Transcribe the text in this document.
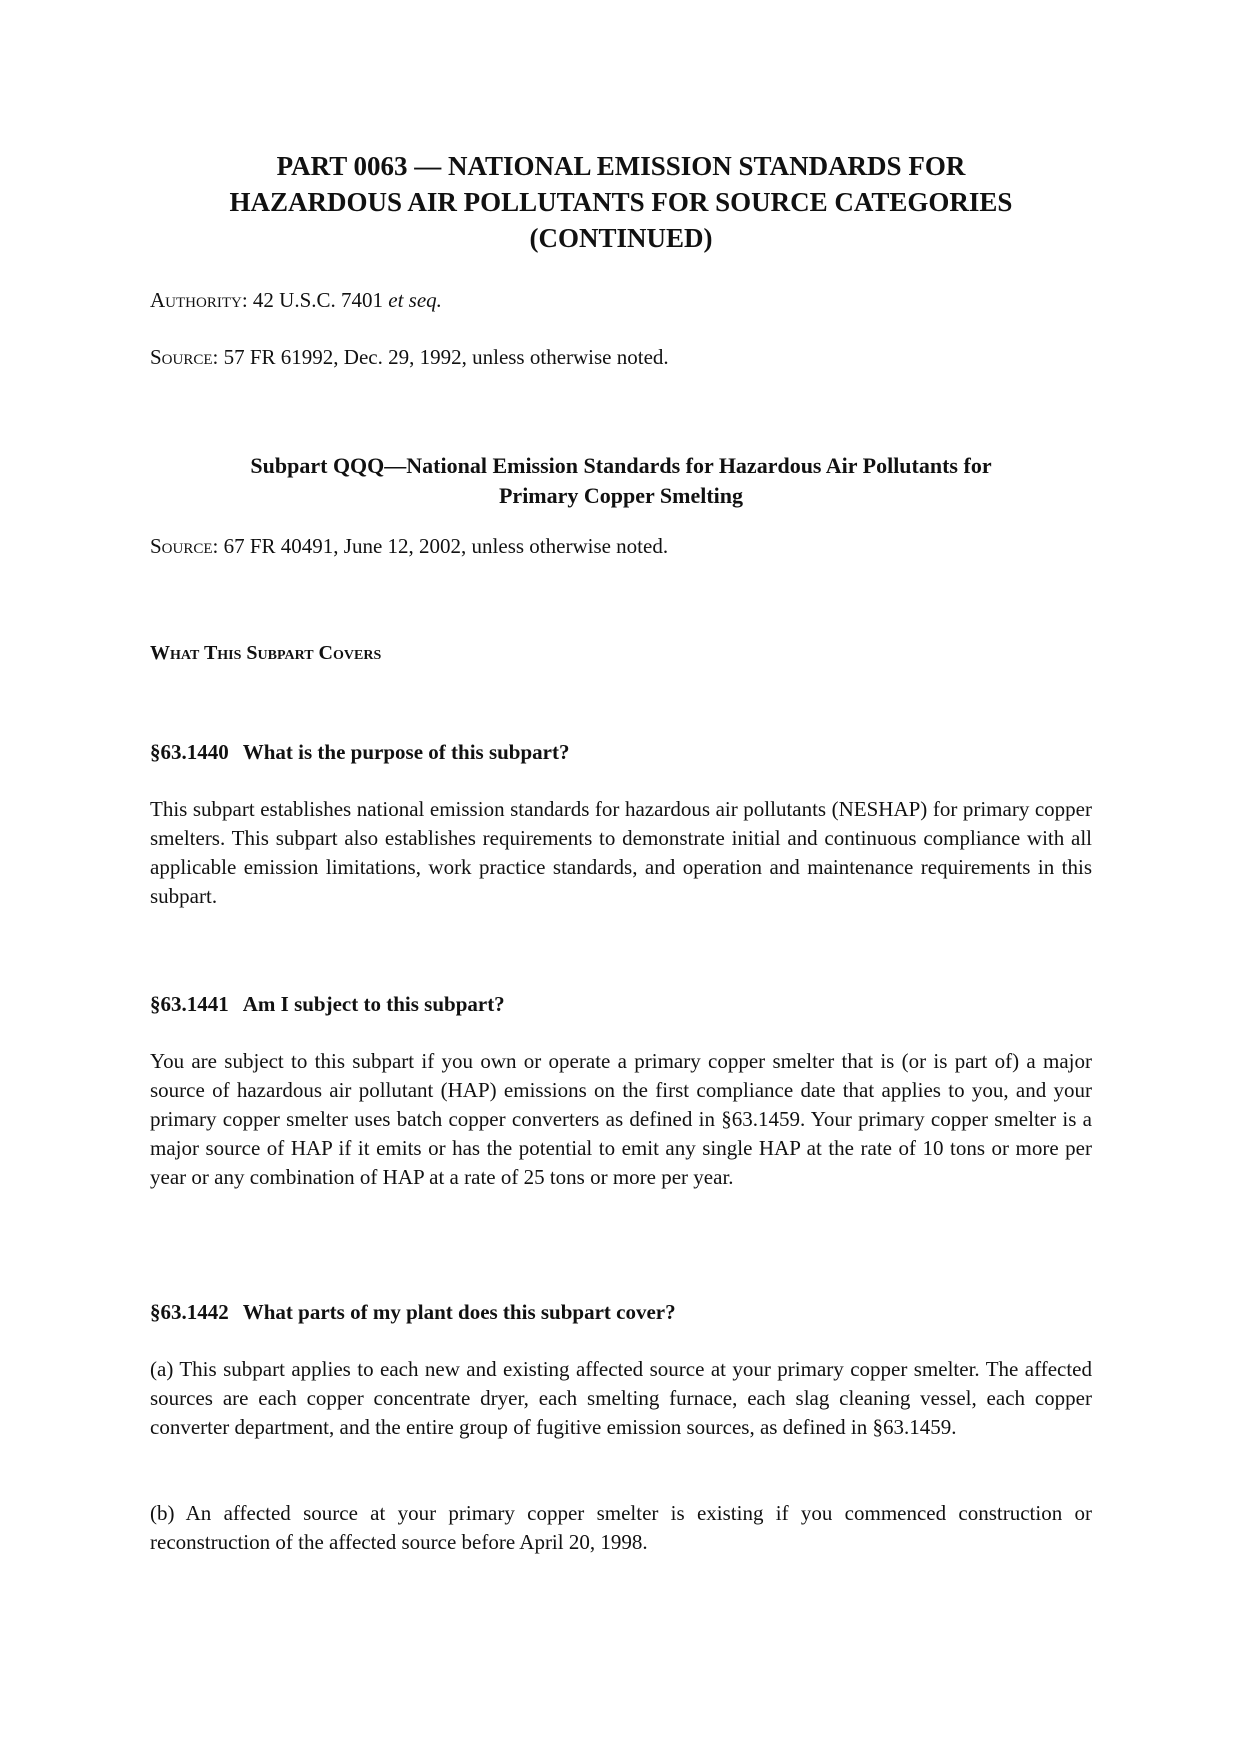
PART 0063 — NATIONAL EMISSION STANDARDS FOR
HAZARDOUS AIR POLLUTANTS FOR SOURCE CATEGORIES
(CONTINUED)

Authority: 42 U.S.C. 7401 et seq.

Source: 57 FR 61992, Dec. 29, 1992, unless otherwise noted.

Subpart QQQ—National Emission Standards for Hazardous Air Pollutants for
Primary Copper Smelting

Source: 67 FR 40491, June 12, 2002, unless otherwise noted.

What This Subpart Covers
§63.1440 What is the purpose of this subpart?

This subpart establishes national emission standards for hazardous air pollutants (NESHAP) for primary copper smelters. This subpart also establishes requirements to demonstrate initial and continuous compliance with all applicable emission limitations, work practice standards, and operation and maintenance requirements in this subpart.

§63.1441 Am I subject to this subpart?

You are subject to this subpart if you own or operate a primary copper smelter that is (or is part of) a major source of hazardous air pollutant (HAP) emissions on the first compliance date that applies to you, and your primary copper smelter uses batch copper converters as defined in §63.1459. Your primary copper smelter is a major source of HAP if it emits or has the potential to emit any single HAP at the rate of 10 tons or more per year or any combination of HAP at a rate of 25 tons or more per year.

§63.1442 What parts of my plant does this subpart cover?

(a) This subpart applies to each new and existing affected source at your primary copper smelter. The affected sources are each copper concentrate dryer, each smelting furnace, each slag cleaning vessel, each copper converter department, and the entire group of fugitive emission sources, as defined in §63.1459.

(b) An affected source at your primary copper smelter is existing if you commenced construction or reconstruction of the affected source before April 20, 1998.
